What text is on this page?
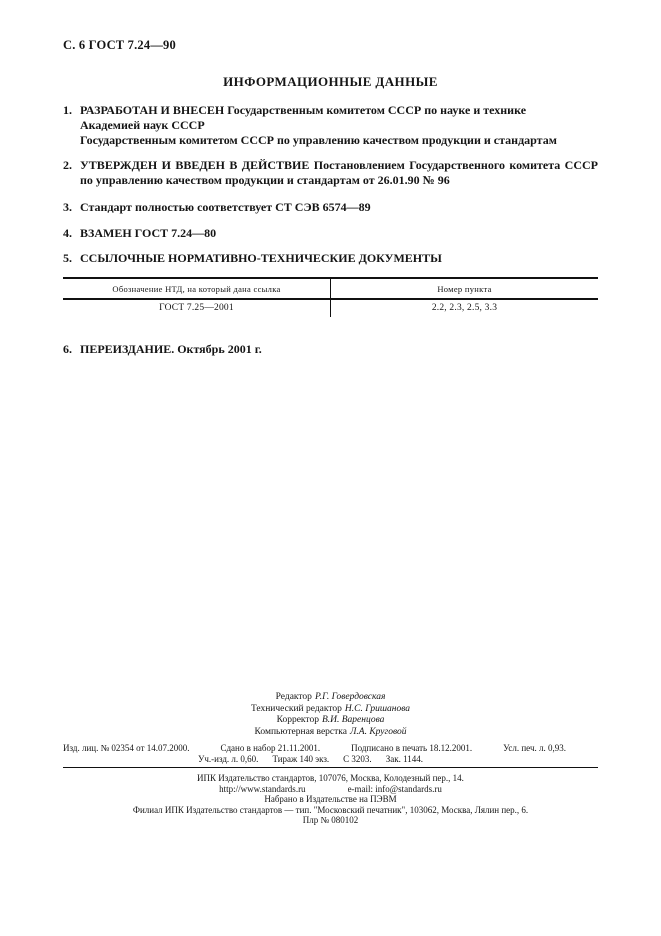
С. 6 ГОСТ 7.24—90
ИНФОРМАЦИОННЫЕ ДАННЫЕ
1. РАЗРАБОТАН И ВНЕСЕН Государственным комитетом СССР по науке и технике
Академией наук СССР
Государственным комитетом СССР по управлению качеством продукции и стандартам
2. УТВЕРЖДЕН И ВВЕДЕН В ДЕЙСТВИЕ Постановлением Государственного комитета СССР по управлению качеством продукции и стандартам от 26.01.90 № 96
3. Стандарт полностью соответствует СТ СЭВ 6574—89
4. ВЗАМЕН ГОСТ 7.24—80
5. ССЫЛОЧНЫЕ НОРМАТИВНО-ТЕХНИЧЕСКИЕ ДОКУМЕНТЫ
Обозначение НТД, на который дана ссылка	Номер пункта
ГОСТ 7.25—2001	2.2, 2.3, 2.5, 3.3
6. ПЕРЕИЗДАНИЕ. Октябрь 2001 г.
Редактор Р.Г. Говердовская
Технический редактор Н.С. Гришанова
Корректор В.И. Варенцова
Компьютерная верстка Л.А. Круговой
Изд. лиц. № 02354 от 14.07.2000.	Сдано в набор 21.11.2001.	Подписано в печать 18.12.2001.	Усл. печ. л. 0,93.
Уч.-изд. л. 0,60. Тираж 140 экз. С 3203. Зак. 1144.
ИПК Издательство стандартов, 107076, Москва, Колодезный пер., 14.
http://www.standards.ru	e-mail: info@standards.ru
Набрано в Издательстве на ПЭВМ
Филиал ИПК Издательство стандартов — тип. "Московский печатник", 103062, Москва, Лялин пер., 6.
Плр № 080102
